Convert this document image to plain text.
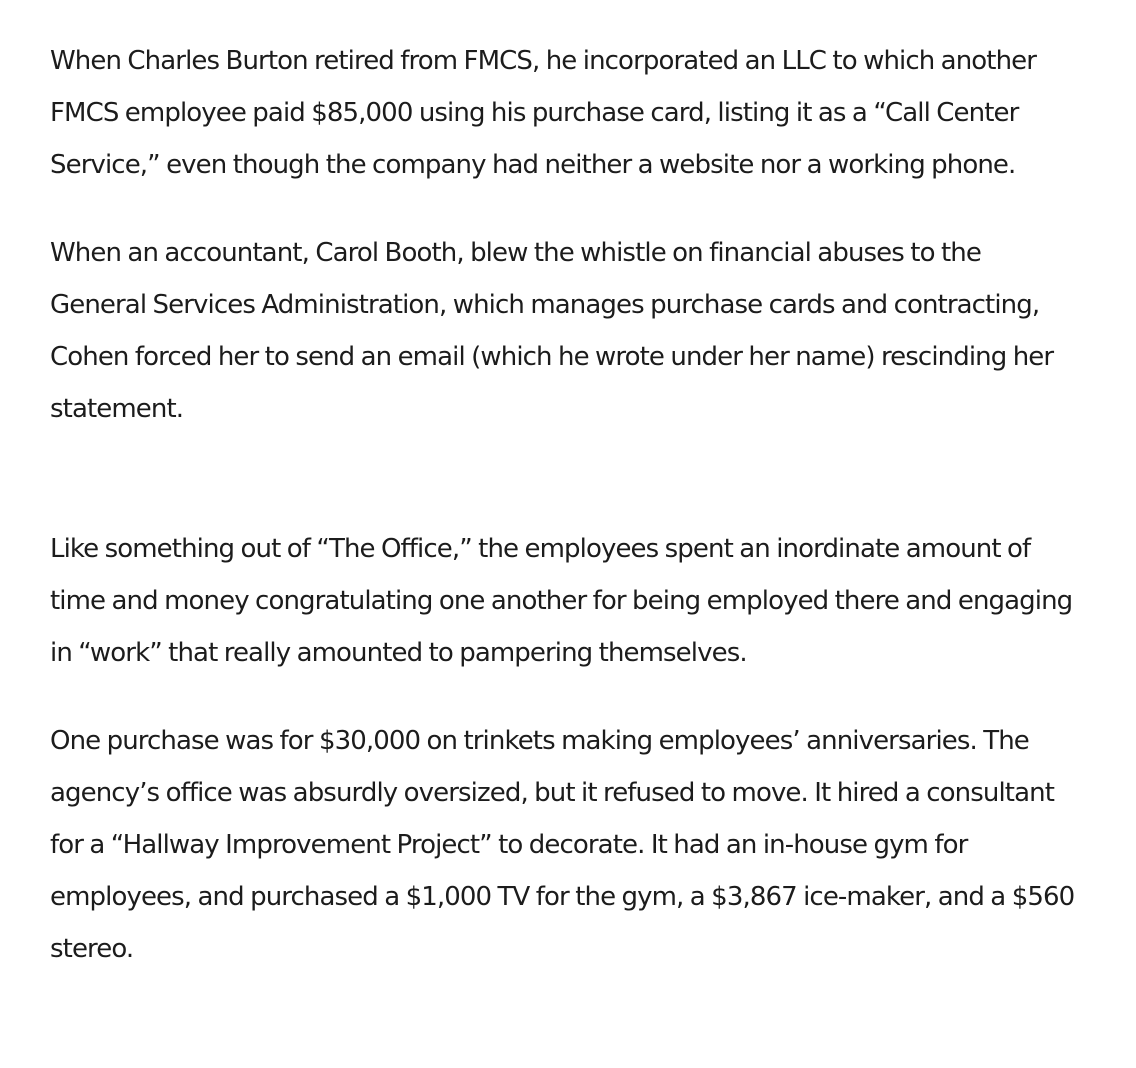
When Charles Burton retired from FMCS, he incorporated an LLC to which another FMCS employee paid $85,000 using his purchase card, listing it as a “Call Center Service,” even though the company had neither a website nor a working phone.

When an accountant, Carol Booth, blew the whistle on financial abuses to the General Services Administration, which manages purchase cards and contracting, Cohen forced her to send an email (which he wrote under her name) rescinding her statement.

Like something out of “The Office,” the employees spent an inordinate amount of time and money congratulating one another for being employed there and engaging in “work” that really amounted to pampering themselves.

One purchase was for $30,000 on trinkets making employees’ anniversaries. The agency’s office was absurdly oversized, but it refused to move. It hired a consultant for a “Hallway Improvement Project” to decorate. It had an in-house gym for employees, and purchased a $1,000 TV for the gym, a $3,867 ice-maker, and a $560 stereo.
